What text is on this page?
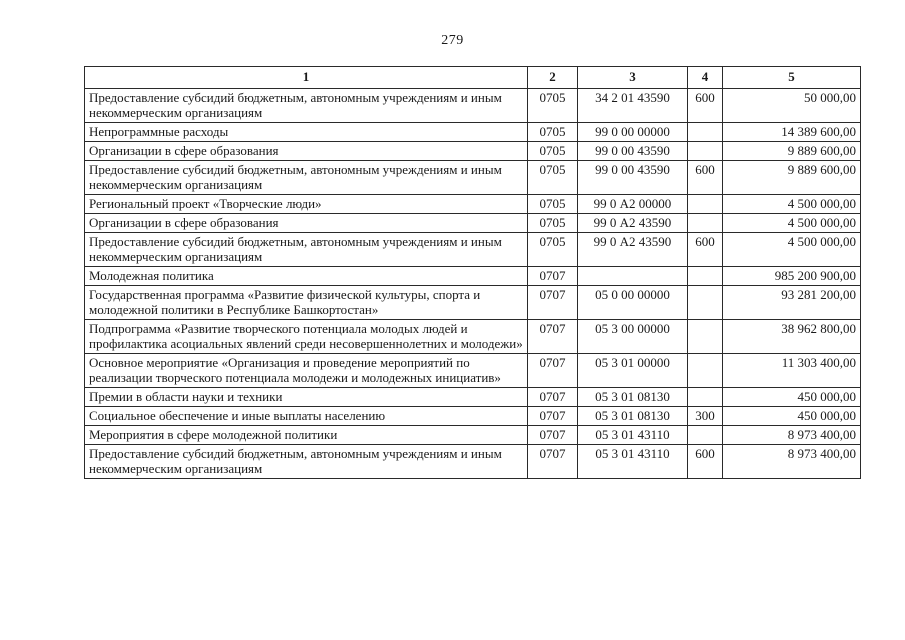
279
1	2	3	4	5
Предоставление субсидий бюджетным, автономным учреждениям и иным некоммерческим организациям	0705	34 2 01 43590	600	50 000,00
Непрограммные расходы	0705	99 0 00 00000		14 389 600,00
Организации в сфере образования	0705	99 0 00 43590		9 889 600,00
Предоставление субсидий бюджетным, автономным учреждениям и иным некоммерческим организациям	0705	99 0 00 43590	600	9 889 600,00
Региональный проект «Творческие люди»	0705	99 0 А2 00000		4 500 000,00
Организации в сфере образования	0705	99 0 А2 43590		4 500 000,00
Предоставление субсидий бюджетным, автономным учреждениям и иным некоммерческим организациям	0705	99 0 А2 43590	600	4 500 000,00
Молодежная политика	0707			985 200 900,00
Государственная программа «Развитие физической культуры, спорта и молодежной политики в Республике Башкортостан»	0707	05 0 00 00000		93 281 200,00
Подпрограмма «Развитие творческого потенциала молодых людей и профилактика асоциальных явлений среди несовершеннолетних и молодежи»	0707	05 3 00 00000		38 962 800,00
Основное мероприятие «Организация и проведение мероприятий по реализации творческого потенциала молодежи и молодежных инициатив»	0707	05 3 01 00000		11 303 400,00
Премии в области науки и техники	0707	05 3 01 08130		450 000,00
Социальное обеспечение и иные выплаты населению	0707	05 3 01 08130	300	450 000,00
Мероприятия в сфере молодежной политики	0707	05 3 01 43110		8 973 400,00
Предоставление субсидий бюджетным, автономным учреждениям и иным некоммерческим организациям	0707	05 3 01 43110	600	8 973 400,00
